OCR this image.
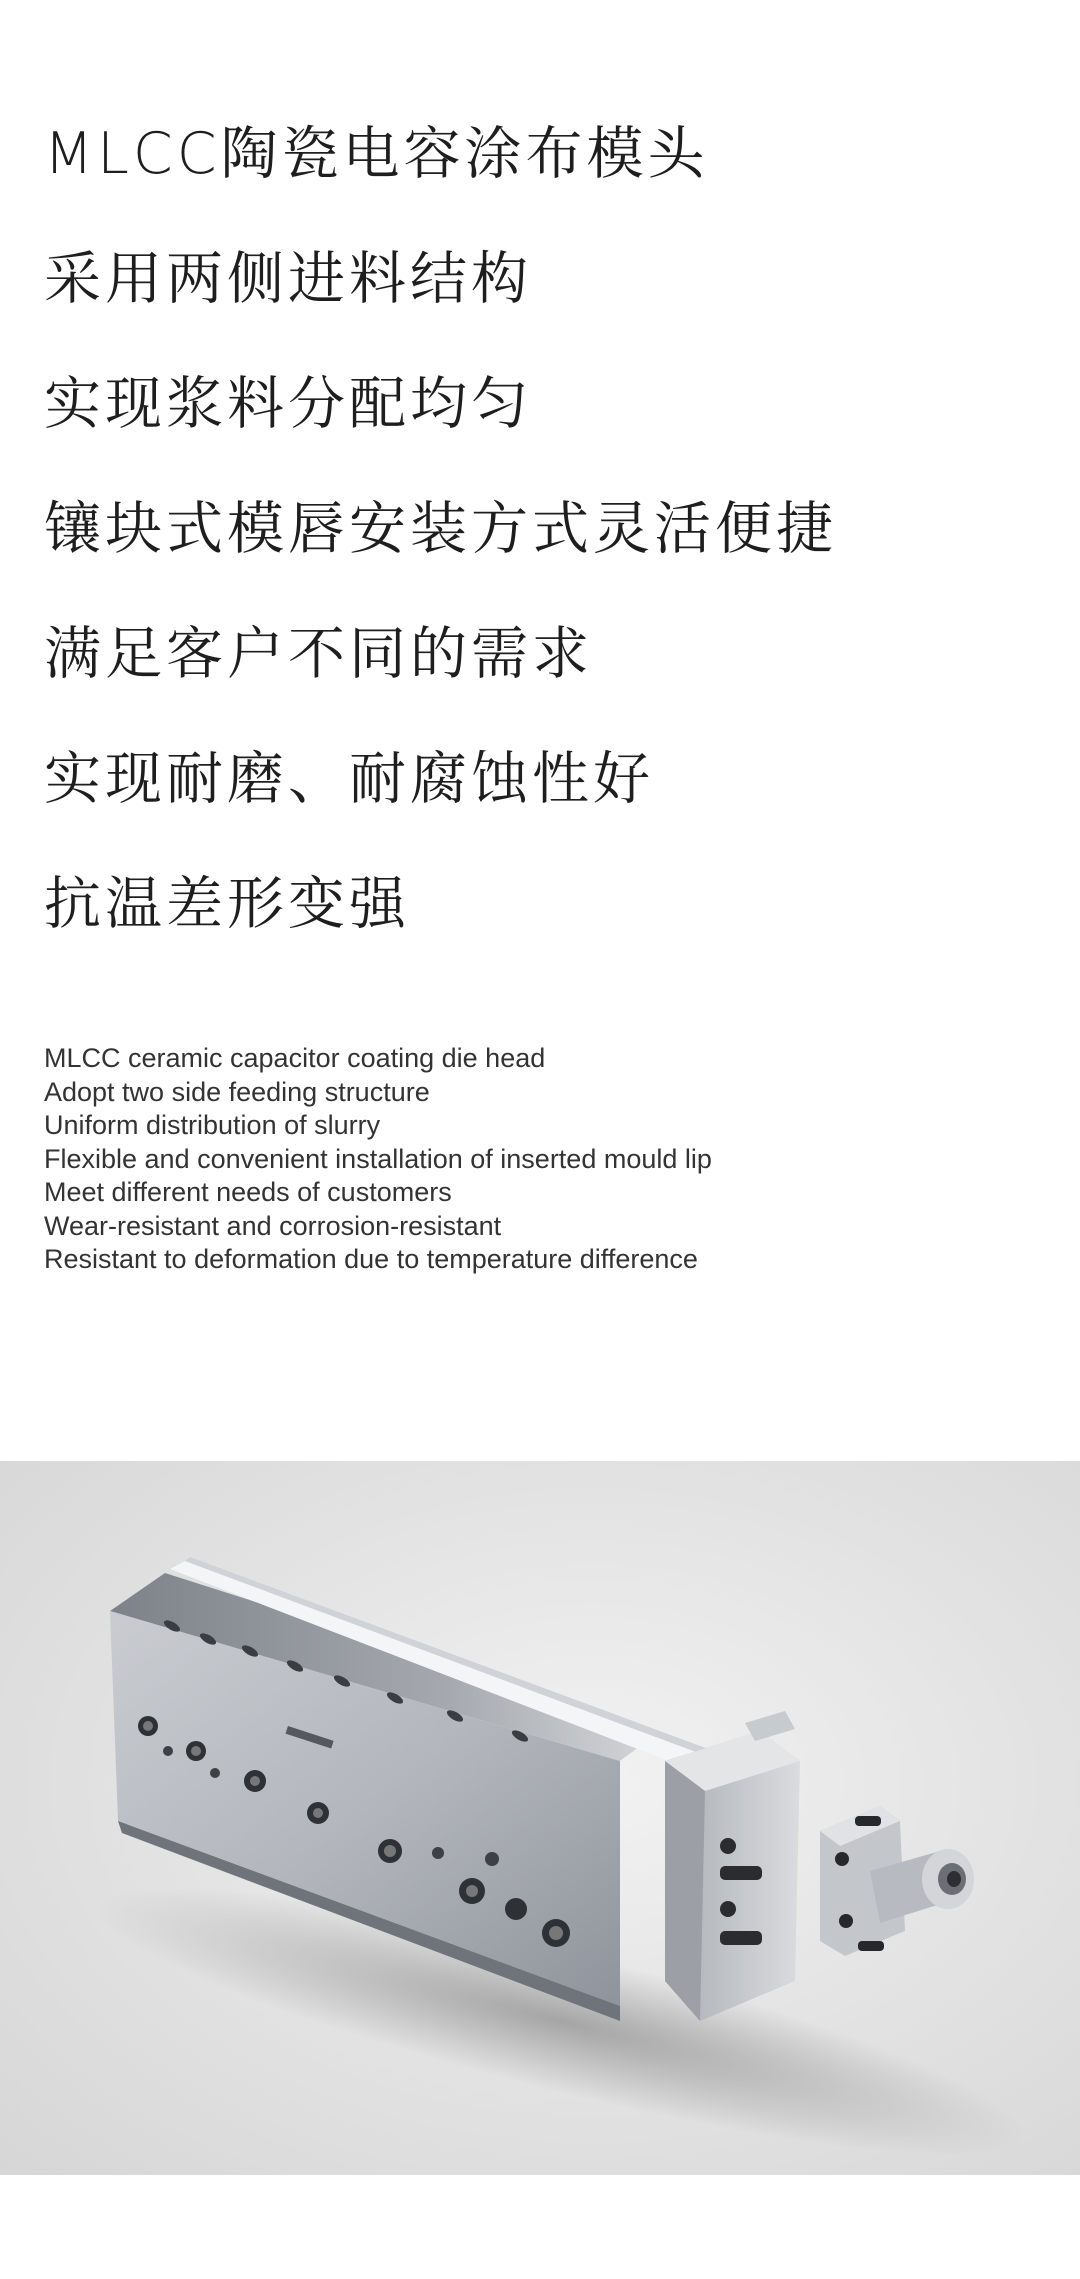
MLCC陶瓷电容涂布模头
采用两侧进料结构
实现浆料分配均匀
镶块式模唇安装方式灵活便捷
满足客户不同的需求
实现耐磨、耐腐蚀性好
抗温差形变强
MLCC ceramic capacitor coating die head
Adopt two side feeding structure
Uniform distribution of slurry
Flexible and convenient installation of inserted mould lip
Meet different needs of customers
Wear-resistant and corrosion-resistant
Resistant to deformation due to temperature difference
